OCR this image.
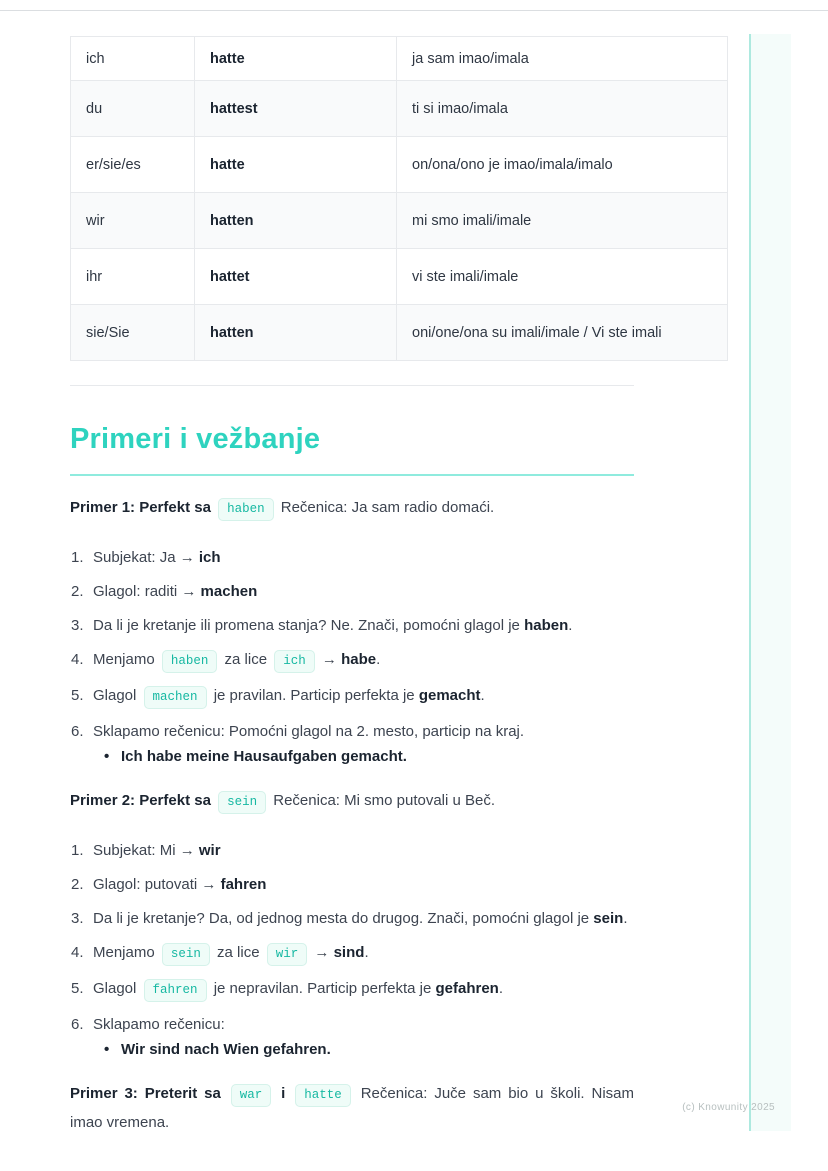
ich	hatte	ja sam imao/imala
du	hattest	ti si imao/imala
er/sie/es	hatte	on/ona/ono je imao/imala/imalo
wir	hatten	mi smo imali/imale
ihr	hattet	vi ste imali/imale
sie/Sie	hatten	oni/one/ona su imali/imale / Vi ste imali
Primeri i vežbanje

Primer 1: Perfekt sa haben Rečenica: Ja sam radio domaći.

1. Subjekat: Ja → ich
2. Glagol: raditi → machen
3. Da li je kretanje ili promena stanja? Ne. Znači, pomoćni glagol je haben.
4. Menjamo haben za lice ich → habe.
5. Glagol machen je pravilan. Particip perfekta je gemacht.
6. Sklapamo rečenicu: Pomoćni glagol na 2. mesto, particip na kraj.
• Ich habe meine Hausaufgaben gemacht.

Primer 2: Perfekt sa sein Rečenica: Mi smo putovali u Beč.

1. Subjekat: Mi → wir
2. Glagol: putovati → fahren
3. Da li je kretanje? Da, od jednog mesta do drugog. Znači, pomoćni glagol je sein.
4. Menjamo sein za lice wir → sind.
5. Glagol fahren je nepravilan. Particip perfekta je gefahren.
6. Sklapamo rečenicu:
• Wir sind nach Wien gefahren.

Primer 3: Preterit sa war i hatte Rečenica: Juče sam bio u školi. Nisam imao vremena.

(c) Knowunity 2025
